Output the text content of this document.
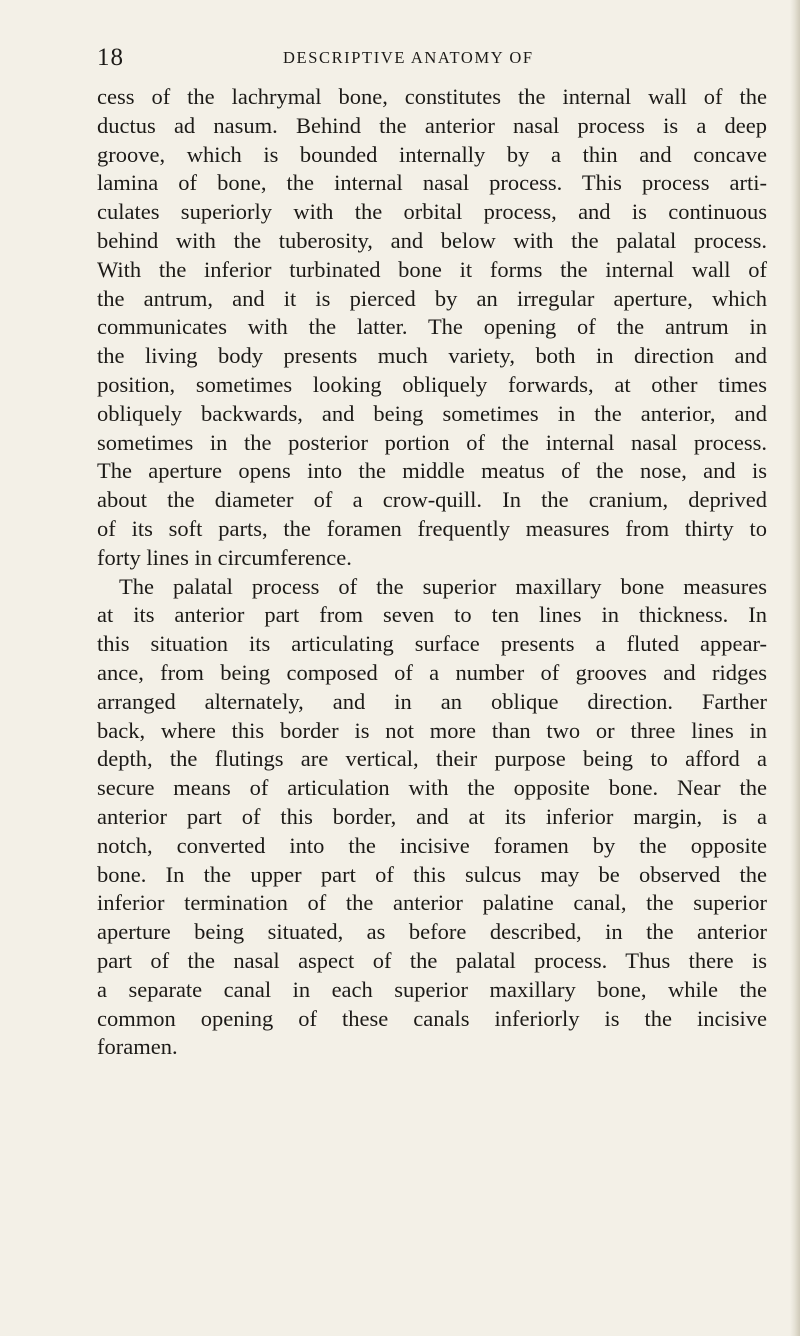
18	DESCRIPTIVE ANATOMY OF
cess of the lachrymal bone, constitutes the internal wall of the
ductus ad nasum. Behind the anterior nasal process is a deep
groove, which is bounded internally by a thin and concave
lamina of bone, the internal nasal process. This process arti-
culates superiorly with the orbital process, and is continuous
behind with the tuberosity, and below with the palatal process.
With the inferior turbinated bone it forms the internal wall of
the antrum, and it is pierced by an irregular aperture, which
communicates with the latter. The opening of the antrum in
the living body presents much variety, both in direction and
position, sometimes looking obliquely forwards, at other times
obliquely backwards, and being sometimes in the anterior, and
sometimes in the posterior portion of the internal nasal process.
The aperture opens into the middle meatus of the nose, and is
about the diameter of a crow-quill. In the cranium, deprived
of its soft parts, the foramen frequently measures from thirty to
forty lines in circumference.
The palatal process of the superior maxillary bone measures
at its anterior part from seven to ten lines in thickness. In
this situation its articulating surface presents a fluted appear-
ance, from being composed of a number of grooves and ridges
arranged alternately, and in an oblique direction. Farther
back, where this border is not more than two or three lines in
depth, the flutings are vertical, their purpose being to afford a
secure means of articulation with the opposite bone. Near the
anterior part of this border, and at its inferior margin, is a
notch, converted into the incisive foramen by the opposite
bone. In the upper part of this sulcus may be observed the
inferior termination of the anterior palatine canal, the superior
aperture being situated, as before described, in the anterior
part of the nasal aspect of the palatal process. Thus there is
a separate canal in each superior maxillary bone, while the
common opening of these canals inferiorly is the incisive
foramen.
